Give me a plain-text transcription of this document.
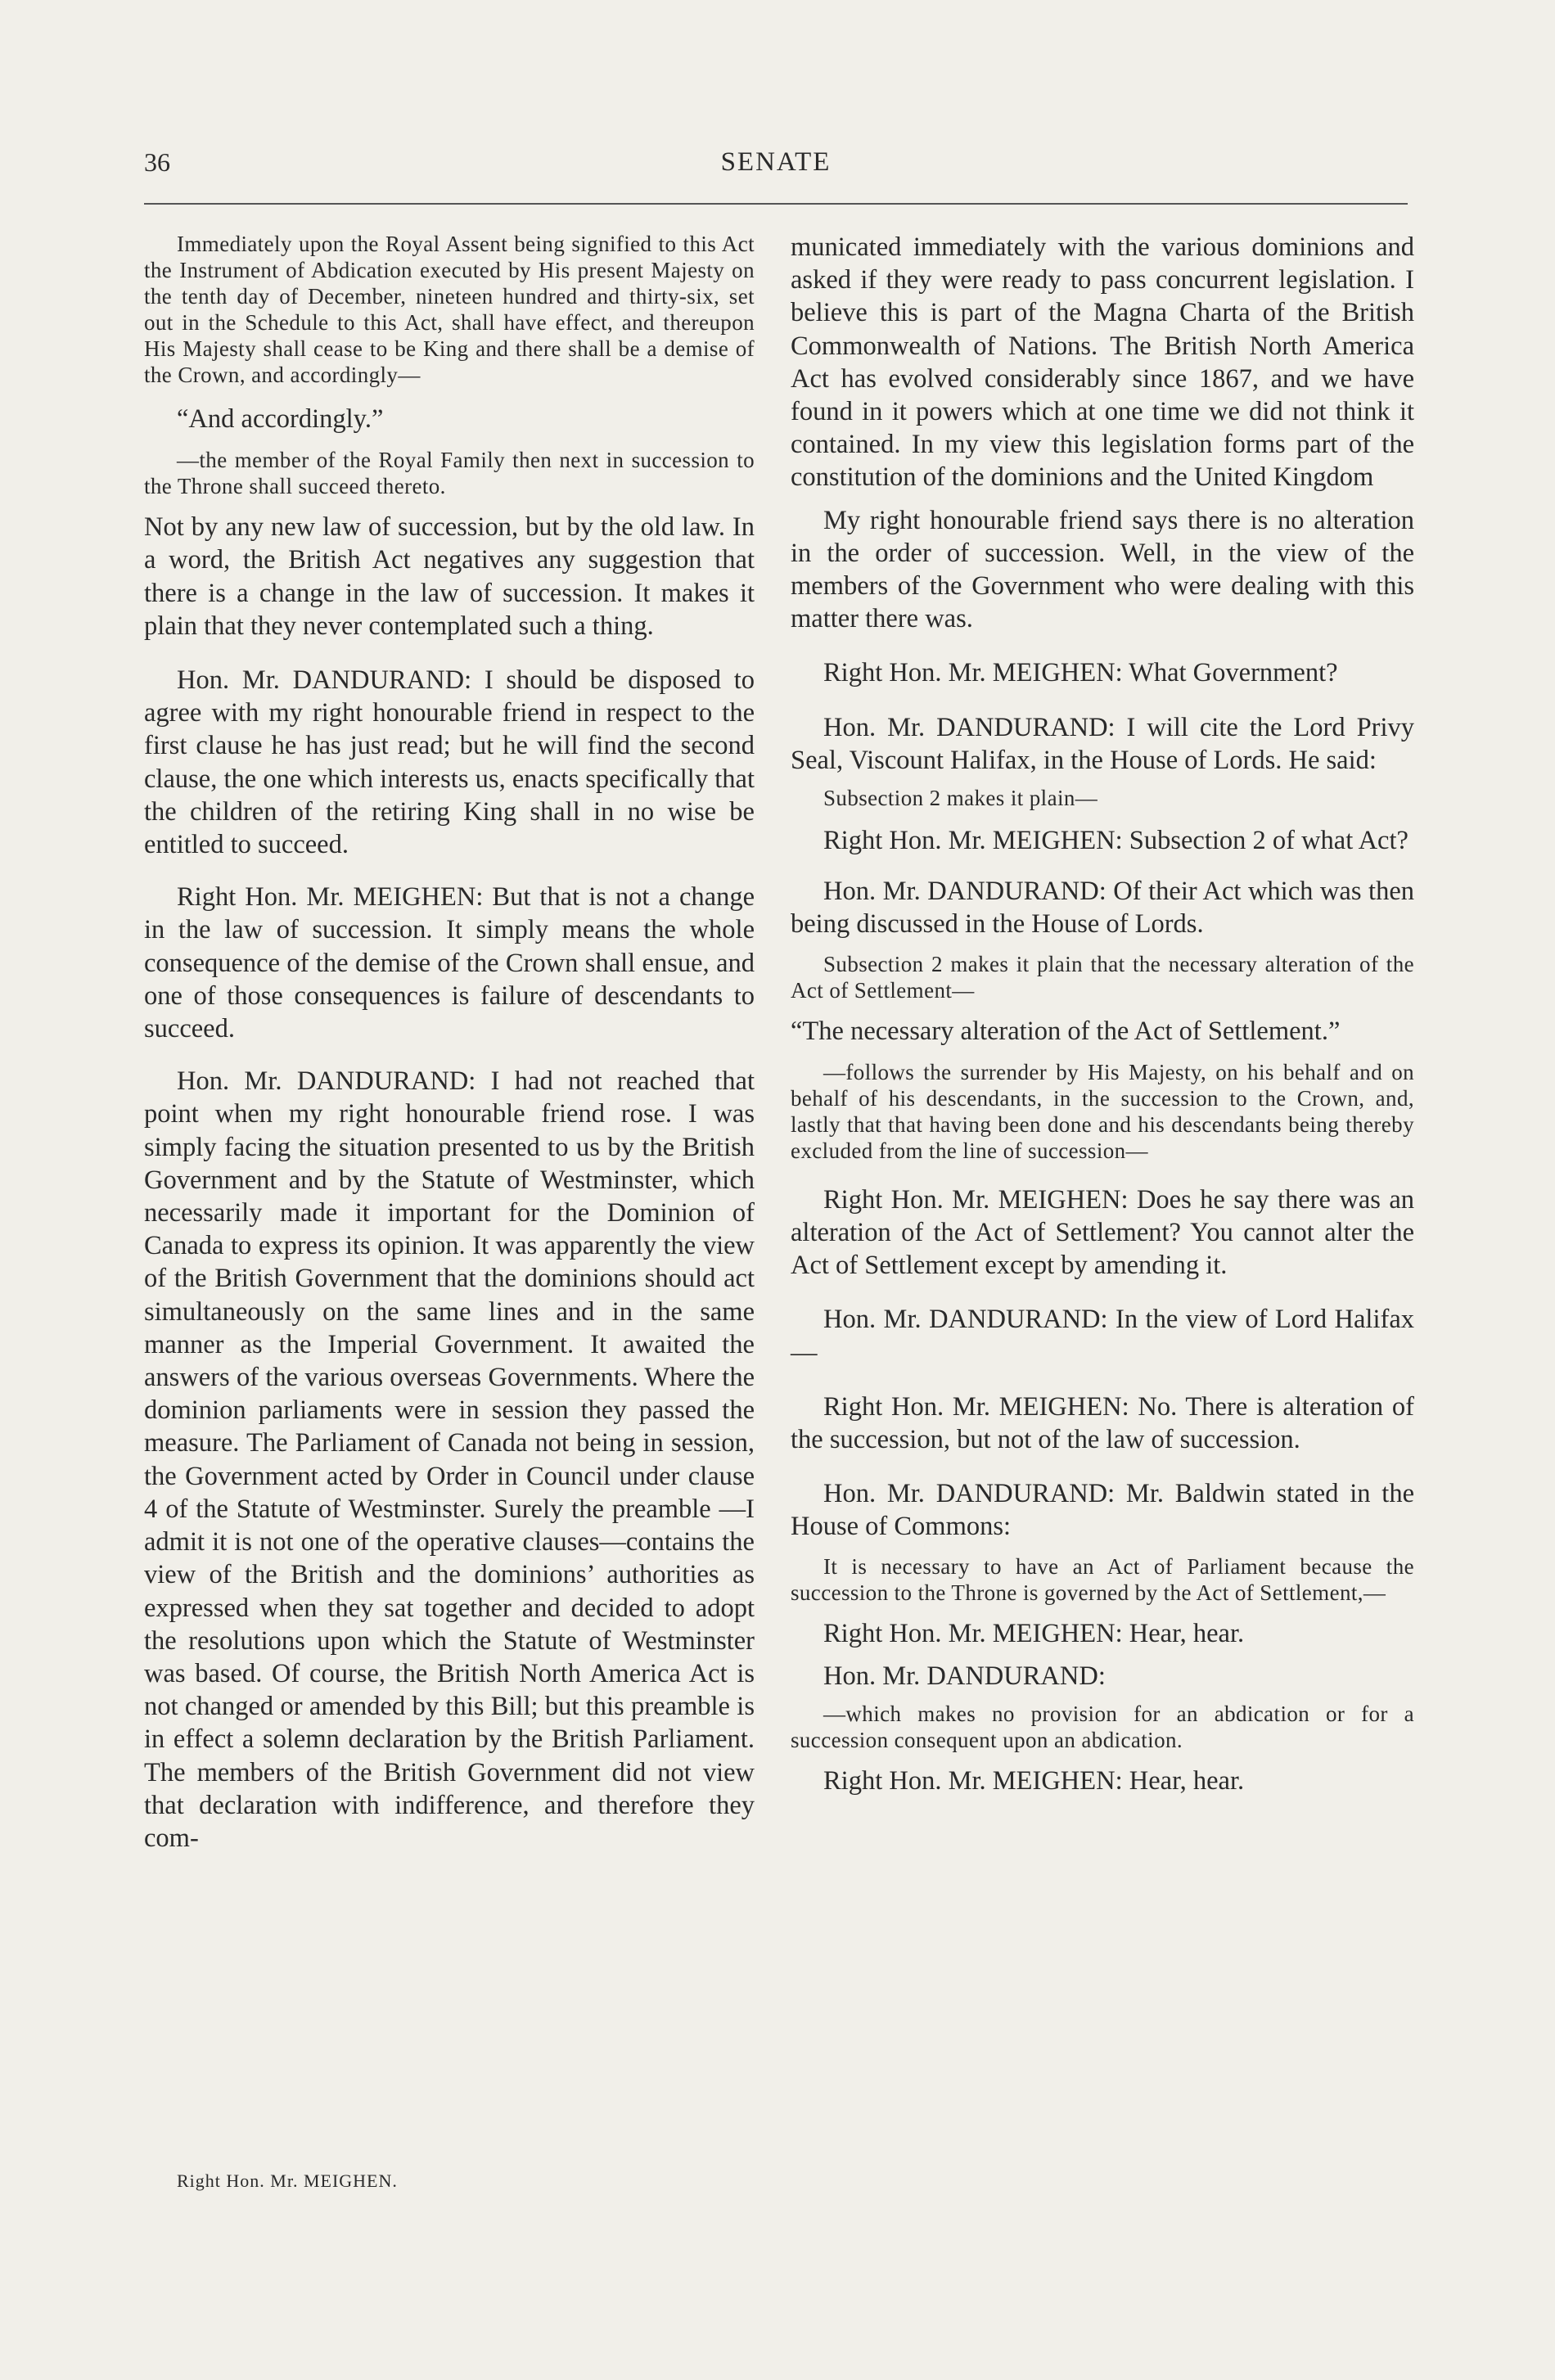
36	SENATE

Immediately upon the Royal Assent being signified to this Act the Instrument of Abdication executed by His present Majesty on the tenth day of December, nineteen hundred and thirty-six, set out in the Schedule to this Act, shall have effect, and thereupon His Majesty shall cease to be King and there shall be a demise of the Crown, and accordingly—

“And accordingly.”

—the member of the Royal Family then next in succession to the Throne shall succeed thereto.

Not by any new law of succession, but by the old law. In a word, the British Act negatives any suggestion that there is a change in the law of succession. It makes it plain that they never contemplated such a thing.

Hon. Mr. DANDURAND: I should be disposed to agree with my right honourable friend in respect to the first clause he has just read; but he will find the second clause, the one which interests us, enacts specifically that the children of the retiring King shall in no wise be entitled to succeed.

Right Hon. Mr. MEIGHEN: But that is not a change in the law of succession. It simply means the whole consequence of the demise of the Crown shall ensue, and one of those consequences is failure of descendants to succeed.

Hon. Mr. DANDURAND: I had not reached that point when my right honourable friend rose. I was simply facing the situation presented to us by the British Government and by the Statute of Westminster, which necessarily made it important for the Dominion of Canada to express its opinion. It was apparently the view of the British Government that the dominions should act simultaneously on the same lines and in the same manner as the Imperial Government. It awaited the answers of the various overseas Governments. Where the dominion parliaments were in session they passed the measure. The Parliament of Canada not being in session, the Government acted by Order in Council under clause 4 of the Statute of Westminster. Surely the preamble —I admit it is not one of the operative clauses—contains the view of the British and the dominions’ authorities as expressed when they sat together and decided to adopt the resolutions upon which the Statute of Westminster was based. Of course, the British North America Act is not changed or amended by this Bill; but this preamble is in effect a solemn declaration by the British Parliament. The members of the British Government did not view that declaration with indifference, and therefore they com-

municated immediately with the various dominions and asked if they were ready to pass concurrent legislation. I believe this is part of the Magna Charta of the British Commonwealth of Nations. The British North America Act has evolved considerably since 1867, and we have found in it powers which at one time we did not think it contained. In my view this legislation forms part of the constitution of the dominions and the United Kingdom

My right honourable friend says there is no alteration in the order of succession. Well, in the view of the members of the Government who were dealing with this matter there was.

Right Hon. Mr. MEIGHEN: What Government?

Hon. Mr. DANDURAND: I will cite the Lord Privy Seal, Viscount Halifax, in the House of Lords. He said:

Subsection 2 makes it plain—

Right Hon. Mr. MEIGHEN: Subsection 2 of what Act?

Hon. Mr. DANDURAND: Of their Act which was then being discussed in the House of Lords.

Subsection 2 makes it plain that the necessary alteration of the Act of Settlement—

“The necessary alteration of the Act of Settlement.”

—follows the surrender by His Majesty, on his behalf and on behalf of his descendants, in the succession to the Crown, and, lastly that that having been done and his descendants being thereby excluded from the line of succession—

Right Hon. Mr. MEIGHEN: Does he say there was an alteration of the Act of Settlement? You cannot alter the Act of Settlement except by amending it.

Hon. Mr. DANDURAND: In the view of Lord Halifax—

Right Hon. Mr. MEIGHEN: No. There is alteration of the succession, but not of the law of succession.

Hon. Mr. DANDURAND: Mr. Baldwin stated in the House of Commons:

It is necessary to have an Act of Parliament because the succession to the Throne is governed by the Act of Settlement,—

Right Hon. Mr. MEIGHEN: Hear, hear.

Hon. Mr. DANDURAND:

—which makes no provision for an abdication or for a succession consequent upon an abdication.

Right Hon. Mr. MEIGHEN: Hear, hear.

Right Hon. Mr. MEIGHEN.
